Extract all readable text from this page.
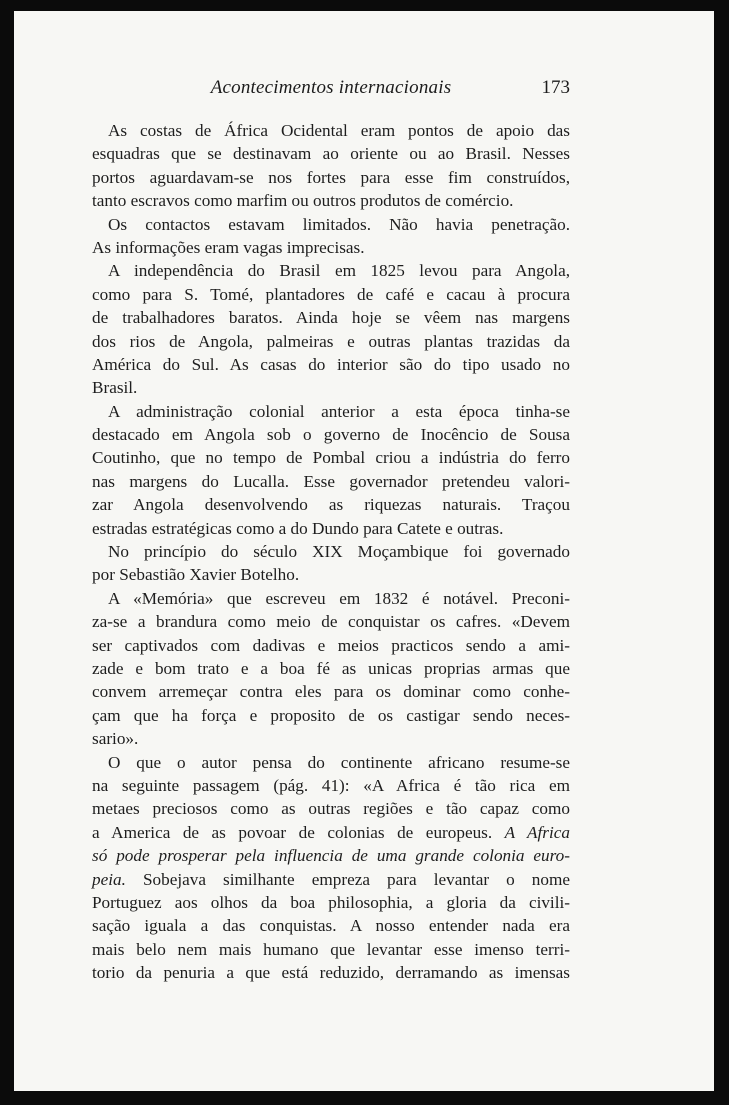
Acontecimentos internacionais	173
As costas de África Ocidental eram pontos de apoio das
esquadras que se destinavam ao oriente ou ao Brasil. Nesses
portos aguardavam-se nos fortes para esse fim construídos,
tanto escravos como marfim ou outros produtos de comércio.
Os contactos estavam limitados. Não havia penetração.
As informações eram vagas imprecisas.
A independência do Brasil em 1825 levou para Angola,
como para S. Tomé, plantadores de café e cacau à procura
de trabalhadores baratos. Ainda hoje se vêem nas margens
dos rios de Angola, palmeiras e outras plantas trazidas da
América do Sul. As casas do interior são do tipo usado no
Brasil.
A administração colonial anterior a esta época tinha-se
destacado em Angola sob o governo de Inocêncio de Sousa
Coutinho, que no tempo de Pombal criou a indústria do ferro
nas margens do Lucalla. Esse governador pretendeu valori-
zar Angola desenvolvendo as riquezas naturais. Traçou
estradas estratégicas como a do Dundo para Catete e outras.
No princípio do século XIX Moçambique foi governado
por Sebastião Xavier Botelho.
A «Memória» que escreveu em 1832 é notável. Preconi-
za-se a brandura como meio de conquistar os cafres. «Devem
ser captivados com dadivas e meios practicos sendo a ami-
zade e bom trato e a boa fé as unicas proprias armas que
convem arremeçar contra eles para os dominar como conhe-
çam que ha força e proposito de os castigar sendo neces-
sario».
O que o autor pensa do continente africano resume-se
na seguinte passagem (pág. 41): «A Africa é tão rica em
metaes preciosos como as outras regiões e tão capaz como
a America de as povoar de colonias de europeus. A Africa
só pode prosperar pela influencia de uma grande colonia euro-
peia. Sobejava similhante empreza para levantar o nome
Portuguez aos olhos da boa philosophia, a gloria da civili-
sação iguala a das conquistas. A nosso entender nada era
mais belo nem mais humano que levantar esse imenso terri-
torio da penuria a que está reduzido, derramando as imensas
